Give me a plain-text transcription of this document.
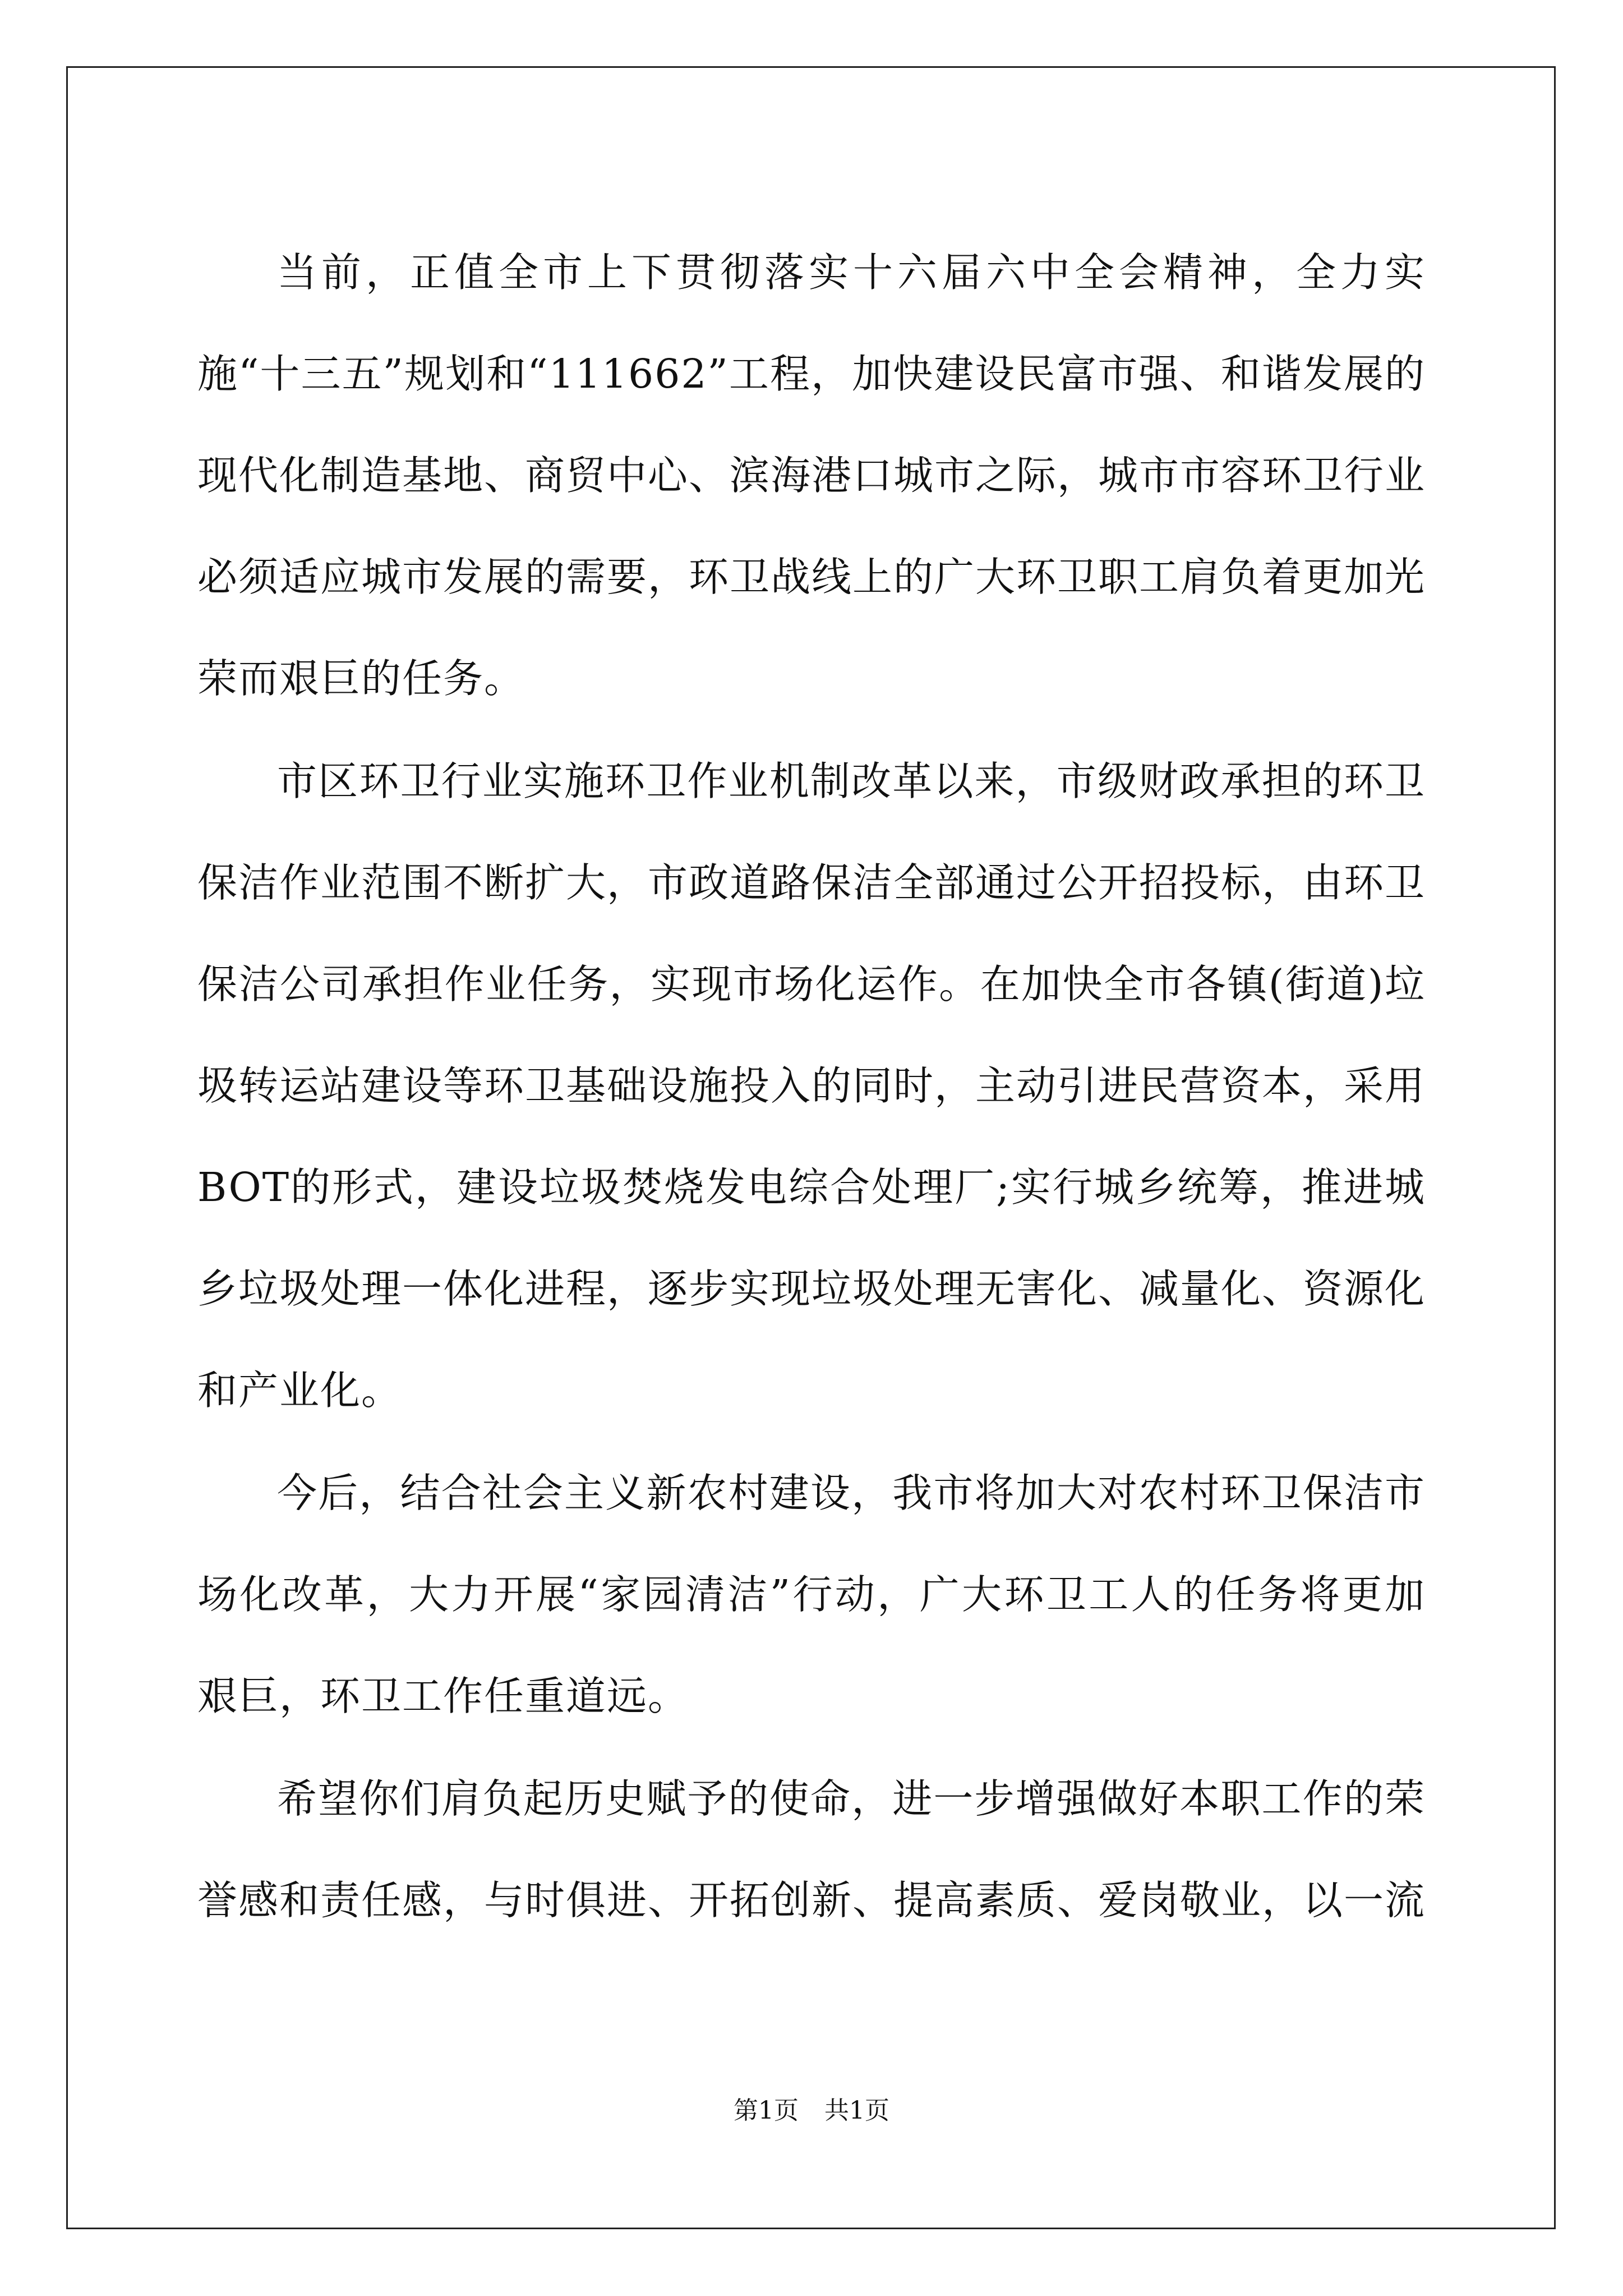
当前，正值全市上下贯彻落实十六届六中全会精神，全力实施“十三五”规划和“111662”工程，加快建设民富市强、和谐发展的现代化制造基地、商贸中心、滨海港口城市之际，城市市容环卫行业必须适应城市发展的需要，环卫战线上的广大环卫职工肩负着更加光荣而艰巨的任务。

市区环卫行业实施环卫作业机制改革以来，市级财政承担的环卫保洁作业范围不断扩大，市政道路保洁全部通过公开招投标，由环卫保洁公司承担作业任务，实现市场化运作。在加快全市各镇(街道)垃圾转运站建设等环卫基础设施投入的同时，主动引进民营资本，采用BOT的形式，建设垃圾焚烧发电综合处理厂;实行城乡统筹，推进城乡垃圾处理一体化进程，逐步实现垃圾处理无害化、减量化、资源化和产业化。

今后，结合社会主义新农村建设，我市将加大对农村环卫保洁市场化改革，大力开展“家园清洁”行动，广大环卫工人的任务将更加艰巨，环卫工作任重道远。

希望你们肩负起历史赋予的使命，进一步增强做好本职工作的荣誉感和责任感，与时俱进、开拓创新、提高素质、爱岗敬业，以一流

第1页 共1页
